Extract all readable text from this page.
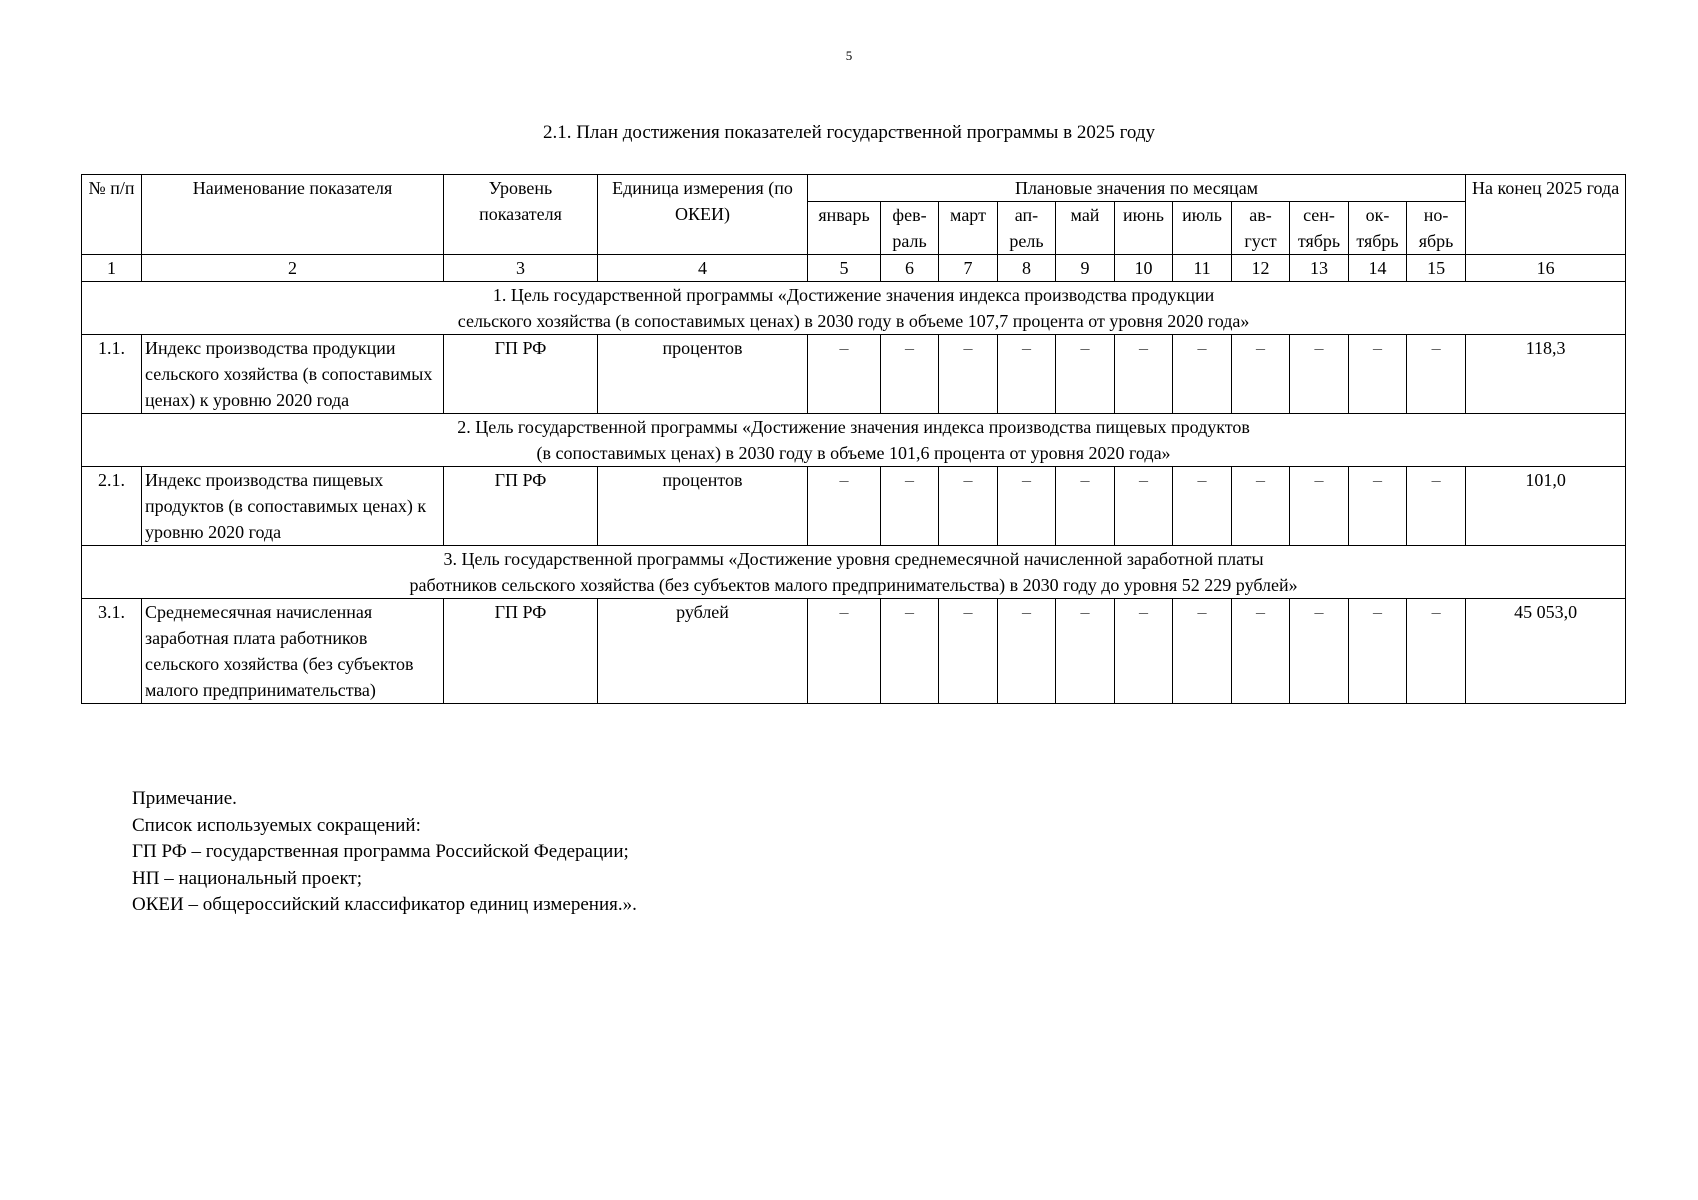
5
2.1. План достижения показателей государственной программы в 2025 году
№ п/п	Наименование показателя	Уровень показателя	Единица измерения (по ОКЕИ)	Плановые значения по месяцам											На конец 2025 года
				январь	фев-раль	март	ап-рель	май	июнь	июль	ав-густ	сен-тябрь	ок-тябрь	но-ябрь	
1	2	3	4	5	6	7	8	9	10	11	12	13	14	15	16

1. Цель государственной программы «Достижение значения индекса производства продукции
сельского хозяйства (в сопоставимых ценах) в 2030 году в объеме 107,7 процента от уровня 2020 года»															

1.1.	Индекс производства продукции сельского хозяйства (в сопоставимых ценах) к уровню 2020 года	ГП РФ	процентов	–	–	–	–	–	–	–	–	–	–	–	118,3

2. Цель государственной программы «Достижение значения индекса производства пищевых продуктов
(в сопоставимых ценах) в 2030 году в объеме 101,6 процента от уровня 2020 года»															

2.1.	Индекс производства пищевых продуктов (в сопоставимых ценах) к уровню 2020 года	ГП РФ	процентов	–	–	–	–	–	–	–	–	–	–	–	101,0

3. Цель государственной программы «Достижение уровня среднемесячной начисленной заработной платы
работников сельского хозяйства (без субъектов малого предпринимательства) в 2030 году до уровня 52 229 рублей»															

3.1.	Среднемесячная начисленная заработная плата работников сельского хозяйства (без субъектов малого предпринимательства)	ГП РФ	рублей	–	–	–	–	–	–	–	–	–	–	–	45 053,0
Примечание.
Список используемых сокращений:
ГП РФ – государственная программа Российской Федерации;
НП – национальный проект;
ОКЕИ – общероссийский классификатор единиц измерения.».
